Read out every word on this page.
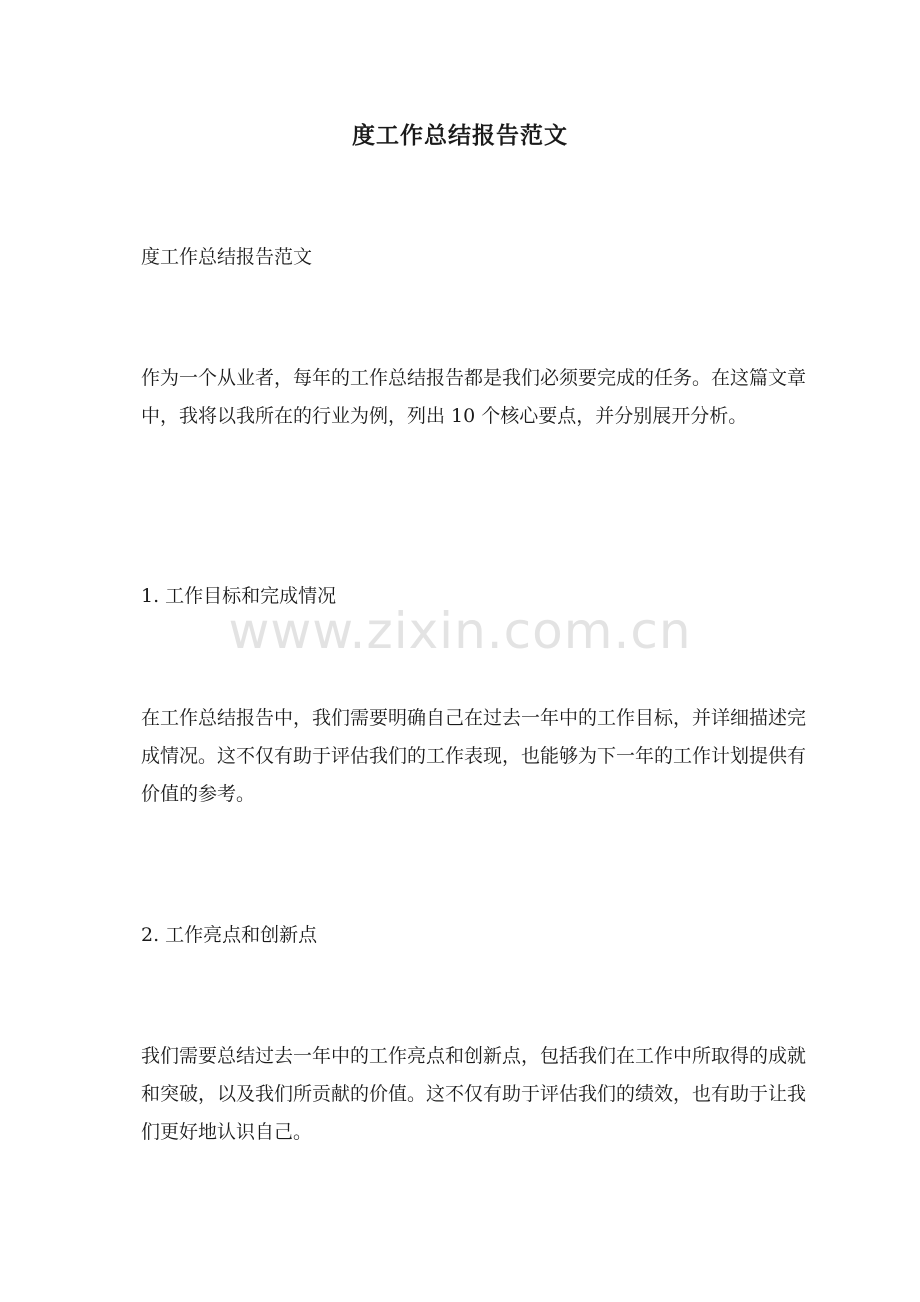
度工作总结报告范文

度工作总结报告范文

作为一个从业者，每年的工作总结报告都是我们必须要完成的任务。在这篇文章中，我将以我所在的行业为例，列出 10 个核心要点，并分别展开分析。

1. 工作目标和完成情况

www.zixin.com.cn

在工作总结报告中，我们需要明确自己在过去一年中的工作目标，并详细描述完成情况。这不仅有助于评估我们的工作表现，也能够为下一年的工作计划提供有价值的参考。

2. 工作亮点和创新点

我们需要总结过去一年中的工作亮点和创新点，包括我们在工作中所取得的成就和突破，以及我们所贡献的价值。这不仅有助于评估我们的绩效，也有助于让我们更好地认识自己。
